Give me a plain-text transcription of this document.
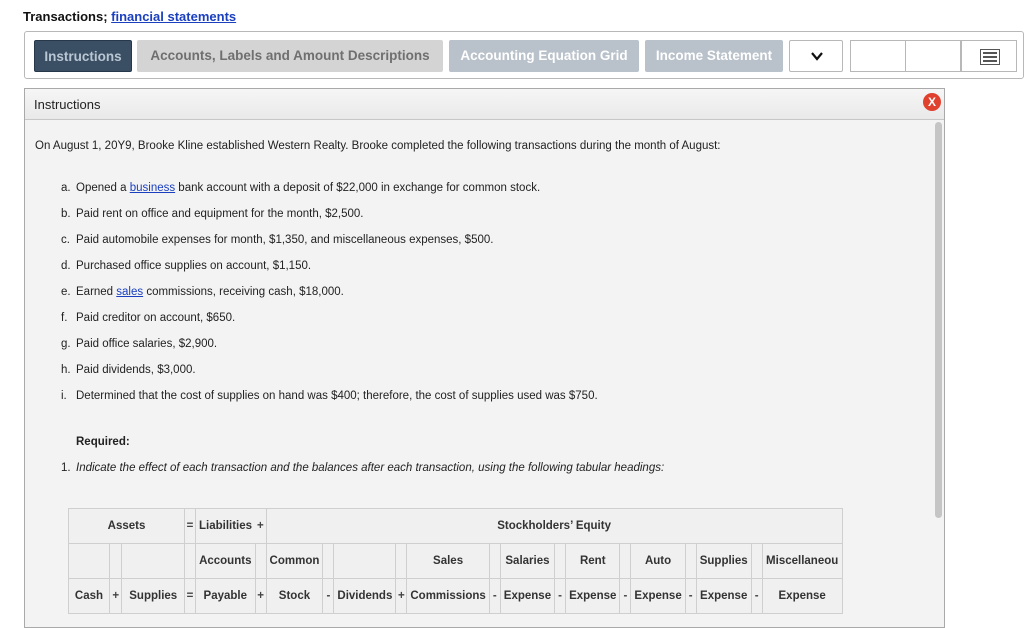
Transactions; financial statements
Instructions	Accounts, Labels and Amount Descriptions	Accounting Equation Grid	Income Statement
Instructions	X
On August 1, 20Y9, Brooke Kline established Western Realty. Brooke completed the following transactions during the month of August:
a. Opened a business bank account with a deposit of $22,000 in exchange for common stock.
b. Paid rent on office and equipment for the month, $2,500.
c. Paid automobile expenses for month, $1,350, and miscellaneous expenses, $500.
d. Purchased office supplies on account, $1,150.
e. Earned sales commissions, receiving cash, $18,000.
f. Paid creditor on account, $650.
g. Paid office salaries, $2,900.
h. Paid dividends, $3,000.
i. Determined that the cost of supplies on hand was $400; therefore, the cost of supplies used was $750.
Required:
1. Indicate the effect of each transaction and the balances after each transaction, using the following tabular headings:
Assets			=	Liabilities	+	Stockholders’ Equity														
				Accounts		Common				Sales		Salaries		Rent		Auto		Supplies		Miscellaneou
Cash	+	Supplies	=	Payable	+	Stock	-	Dividends	+	Commissions	-	Expense	-	Expense	-	Expense	-	Expense	-	Expense
